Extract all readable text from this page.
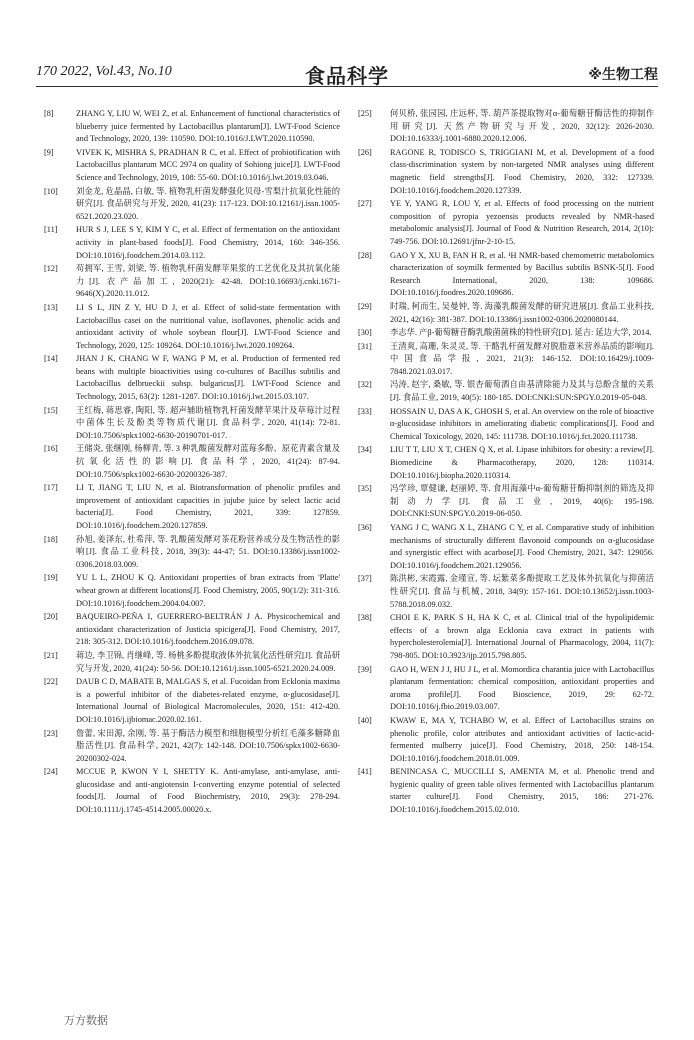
170 2022, Vol.43, No.10	食品科学	※生物工程
[8]	ZHANG Y, LIU W, WEI Z, et al. Enhancement of functional characteristics of blueberry juice fermented by Lactobacillus plantarum[J]. LWT-Food Science and Technology, 2020, 139: 110590. DOI:10.1016/J.LWT.2020.110590.
[9]	VIVEK K, MISHRA S, PRADHAN R C, et al. Effect of probiotification with Lactobacillus plantarum MCC 2974 on quality of Sohiong juice[J]. LWT-Food Science and Technology, 2019, 108: 55-60. DOI:10.1016/j.lwt.2019.03.046.
[10] 刘金龙, 危晶晶, 白敏, 等. 植物乳杆菌发酵强化贝母-雪梨汁抗氧化性能的研究[J]. 食品研究与开发, 2020, 41(23): 117-123. DOI:10.12161/j.issn.1005-6521.2020.23.020.
[11] HUR S J, LEE S Y, KIM Y C, et al. Effect of fermentation on the antioxidant activity in plant-based foods[J]. Food Chemistry, 2014, 160: 346-356. DOI:10.1016/j.foodchem.2014.03.112.
[12] 苟拥军, 王雪, 刘梁, 等. 植物乳杆菌发酵苹果浆的工艺优化及其抗氧化能力[J]. 农产品加工, 2020(21): 42-48. DOI:10.16693/j.cnki.1671-9646(X).2020.11.012.
[13] LI S L, JIN Z Y, HU D J, et al. Effect of solid-state fermentation with Lactobacillus casei on the nutritional value, isoflavones, phenolic acids and antioxidant activity of whole soybean flour[J]. LWT-Food Science and Technology, 2020, 125: 109264. DOI:10.1016/j.lwt.2020.109264.
[14] JHAN J K, CHANG W F, WANG P M, et al. Production of fermented red beans with multiple bioactivities using co-cultures of Bacillus subtilis and Lactobacillus delbrueckii subsp. bulgaricus[J]. LWT-Food Science and Technology, 2015, 63(2): 1281-1287. DOI:10.1016/j.lwt.2015.03.107.
[15] 王红梅, 蒋思睿, 陶阳, 等. 超声辅助植物乳杆菌发酵苹果汁及草莓汁过程中菌体生长及酚类等物质代谢[J]. 食品科学, 2020, 41(14): 72-81. DOI:10.7506/spkx1002-6630-20190701-017.
[16] 王储炎, 张继刚, 杨柳青, 等. 3 种乳酸菌发酵对蓝莓多酚、原花青素含量及抗氧化活性的影响[J]. 食品科学, 2020, 41(24): 87-94. DOI:10.7506/spkx1002-6630-20200326-387.
[17] LI T, JIANG T, LIU N, et al. Biotransformation of phenolic profiles and improvement of antioxidant capacities in jujube juice by select lactic acid bacteria[J]. Food Chemistry, 2021, 339: 127859. DOI:10.1016/j.foodchem.2020.127859.
[18] 孙旭, 姜泽东, 杜希萍, 等. 乳酸菌发酵对茶花粉营养成分及生物活性的影响[J]. 食品工业科技, 2018, 39(3): 44-47; 51. DOI:10.13386/j.issn1002-0306.2018.03.009.
[19] YU L L, ZHOU K Q. Antioxidant properties of bran extracts from 'Platte' wheat grown at different locations[J]. Food Chemistry, 2005, 90(1/2): 311-316. DOI:10.1016/j.foodchem.2004.04.007.
[20] BAQUEIRO-PEÑA I, GUERRERO-BELTRÁN J A. Physicochemical and antioxidant characterization of Justicia spicigera[J]. Food Chemistry, 2017, 218: 305-312. DOI:10.1016/j.foodchem.2016.09.078.
[21] 蒋边, 李卫锦, 肖继峰, 等. 杨桃多酚提取液体外抗氧化活性研究[J]. 食品研究与开发, 2020, 41(24): 50-56. DOI:10.12161/j.issn.1005-6521.2020.24.009.
[22] DAUB C D, MABATE B, MALGAS S, et al. Fucoidan from Ecklonia maxima is a powerful inhibitor of the diabetes-related enzyme, α-glucosidase[J]. International Journal of Biological Macromolecules, 2020, 151: 412-420. DOI:10.1016/j.ijbiomac.2020.02.161.
[23] 詹蕾, 宋田源, 余刚, 等. 基于酶活力模型和细胞模型分析红毛藻多糖降血脂活性[J]. 食品科学, 2021, 42(7): 142-148. DOI:10.7506/spkx1002-6630-20200302-024.
[24] MCCUE P, KWON Y I, SHETTY K. Anti-amylase, anti-amylase, anti-glucosidase and anti-angiotensin I-converting enzyme potential of selected foods[J]. Journal of Food Biochemistry, 2010, 29(3): 278-294. DOI:10.1111/j.1745-4514.2005.00020.x.
[25] 何贝桥, 张园园, 庄远杯, 等. 葫芦茶提取物对α-葡萄糖苷酶活性的抑制作用研究[J]. 天然产物研究与开发, 2020, 32(12): 2026-2030. DOI:10.16333/j.1001-6880.2020.12.006.
[26] RAGONE R, TODISCO S, TRIGGIANI M, et al. Development of a food class-discrimination system by non-targeted NMR analyses using different magnetic field strengths[J]. Food Chemistry, 2020, 332: 127339. DOI:10.1016/j.foodchem.2020.127339.
[27] YE Y, YANG R, LOU Y, et al. Effects of food processing on the nutrient composition of pyropia yezoensis products revealed by NMR-based metabolomic analysis[J]. Journal of Food & Nutrition Research, 2014, 2(10): 749-756. DOI:10.12691/jfnr-2-10-15.
[28] GAO Y X, XU B, FAN H R, et al. ¹H NMR-based chemometric metabolomics characterization of soymilk fermented by Bacillus subtilis BSNK-5[J]. Food Research International, 2020, 138: 109686. DOI:10.1016/j.foodres.2020.109686.
[29] 时瑞, 柯而生, 吴曼钟, 等. 海藻乳酸菌发酵的研究进展[J]. 食品工业科技, 2021, 42(16): 381-387. DOI:10.13386/j.issn1002-0306.2020080144.
[30] 李志华. 产β-葡萄糖苷酶乳酸菌菌株的特性研究[D]. 延吉: 延边大学, 2014.
[31] 王清爽, 高珊, 朱灵灵, 等. 干酪乳杆菌发酵对脱脂薏米营养品质的影响[J]. 中国食品学报, 2021, 21(3): 146-152. DOI:10.16429/j.1009-7848.2021.03.017.
[32] 冯涛, 赵宇, 桑敏, 等. 银杏葡萄酒自由基清除能力及其与总酚含量的关系[J]. 食品工业, 2019, 40(5): 180-185. DOI:CNKI:SUN:SPGY.0.2019-05-048.
[33] HOSSAIN U, DAS A K, GHOSH S, et al. An overview on the role of bioactive α-glucosidase inhibitors in ameliorating diabetic complications[J]. Food and Chemical Toxicology, 2020, 145: 111738. DOI:10.1016/j.fct.2020.111738.
[34] LIU T T, LIU X T, CHEN Q X, et al. Lipase inhibitors for obesity: a review[J]. Biomedicine & Pharmacotherapy, 2020, 128: 110314. DOI:10.1016/j.biopha.2020.110314.
[35] 冯学珍, 覃健谦, 赵丽婷, 等. 食用海藻中α-葡萄糖苷酶抑制剂的筛选及抑制动力学[J]. 食品工业, 2019, 40(6): 195-198. DOI:CNKI:SUN:SPGY.0.2019-06-050.
[36] YANG J C, WANG X L, ZHANG C Y, et al. Comparative study of inhibition mechanisms of structurally different flavonoid compounds on α-glucosidase and synergistic effect with acarbose[J]. Food Chemistry, 2021, 347: 129056. DOI:10.1016/j.foodchem.2021.129056.
[37] 陈洪彬, 宋霞露, 金瑾宣, 等. 坛紫菜多酚提取工艺及体外抗氧化与抑菌活性研究[J]. 食品与机械, 2018, 34(9): 157-161. DOI:10.13652/j.issn.1003-5788.2018.09.032.
[38] CHOI E K, PARK S H, HA K C, et al. Clinical trial of the hypolipidemic effects of a brown alga Ecklonia cava extract in patients with hypercholesterolemia[J]. International Journal of Pharmacology, 2004, 11(7): 798-805. DOI:10.3923/ijp.2015.798.805.
[39] GAO H, WEN J J, HU J L, et al. Momordica charantia juice with Lactobacillus plantarum fermentation: chemical composition, antioxidant properties and aroma profile[J]. Food Bioscience, 2019, 29: 62-72. DOI:10.1016/j.fbio.2019.03.007.
[40] KWAW E, MA Y, TCHABO W, et al. Effect of Lactobacillus strains on phenolic profile, color attributes and antioxidant activities of lactic-acid-fermented mulberry juice[J]. Food Chemistry, 2018, 250: 148-154. DOI:10.1016/j.foodchem.2018.01.009.
[41] BENINCASA C, MUCCILLI S, AMENTA M, et al. Phenolic trend and hygienic quality of green table olives fermented with Lactobacillus plantarum starter culture[J]. Food Chemistry, 2015, 186: 271-276. DOI:10.1016/j.foodchem.2015.02.010.
万方数据
